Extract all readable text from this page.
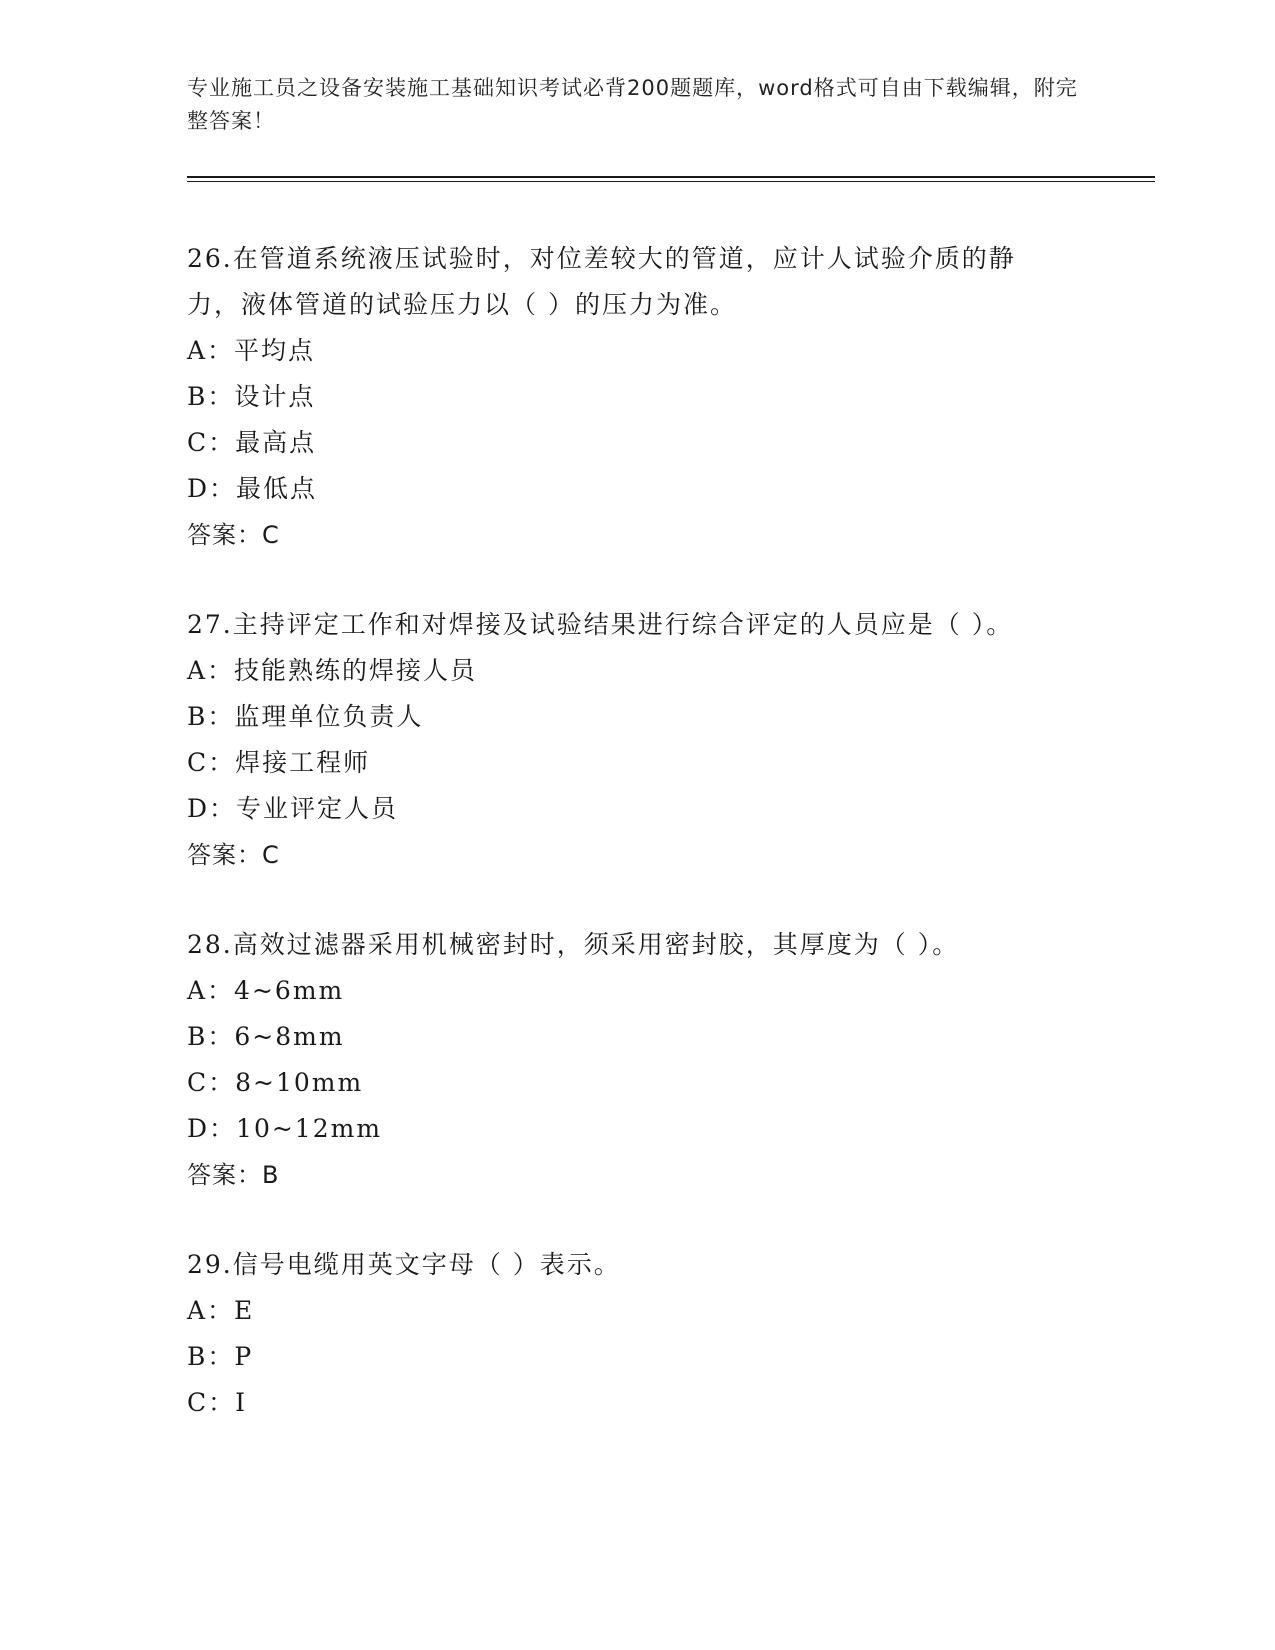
专业施工员之设备安装施工基础知识考试必背200题题库，word格式可自由下载编辑，附完整答案！
26.在管道系统液压试验时，对位差较大的管道，应计人试验介质的静力，液体管道的试验压力以（ ）的压力为准。
A：平均点
B：设计点
C：最高点
D：最低点
答案：C
27.主持评定工作和对焊接及试验结果进行综合评定的人员应是（ ）。
A：技能熟练的焊接人员
B：监理单位负责人
C：焊接工程师
D：专业评定人员
答案：C
28.高效过滤器采用机械密封时，须采用密封胶，其厚度为（ ）。
A：4~6mm
B：6~8mm
C：8~10mm
D：10~12mm
答案：B
29.信号电缆用英文字母（ ）表示。
A：E
B：P
C：I
